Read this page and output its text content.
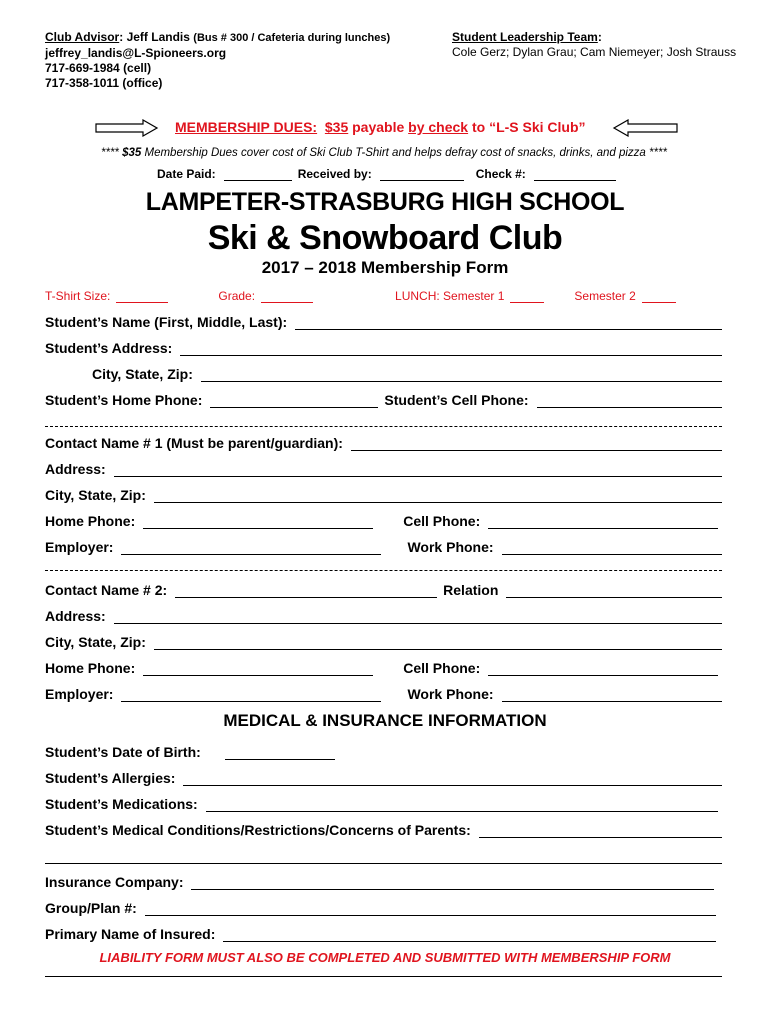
Club Advisor: Jeff Landis (Bus # 300 / Cafeteria during lunches)
jeffrey_landis@L-Spioneers.org
717-669-1984 (cell)
717-358-1011 (office)
Student Leadership Team:
Cole Gerz; Dylan Grau; Cam Niemeyer; Josh Strauss
MEMBERSHIP DUES: $35 payable by check to “L-S Ski Club”
**** $35 Membership Dues cover cost of Ski Club T-Shirt and helps defray cost of snacks, drinks, and pizza ****
Date Paid:	Received by:	Check #:
LAMPETER-STRASBURG HIGH SCHOOL
Ski & Snowboard Club
2017 – 2018 Membership Form
T-Shirt Size:	Grade:	LUNCH: Semester 1	Semester 2
Student’s Name (First, Middle, Last):
Student’s Address:
City, State, Zip:
Student’s Home Phone:	Student’s Cell Phone:
Contact Name # 1 (Must be parent/guardian):
Address:
City, State, Zip:
Home Phone:	Cell Phone:
Employer:	Work Phone:
Contact Name # 2:	Relation
Address:
City, State, Zip:
Home Phone:	Cell Phone:
Employer:	Work Phone:
MEDICAL & INSURANCE INFORMATION
Student’s Date of Birth:
Student’s Allergies:
Student’s Medications:
Student’s Medical Conditions/Restrictions/Concerns of Parents:
Insurance Company:
Group/Plan #:
Primary Name of Insured:
LIABILITY FORM MUST ALSO BE COMPLETED AND SUBMITTED WITH MEMBERSHIP FORM
